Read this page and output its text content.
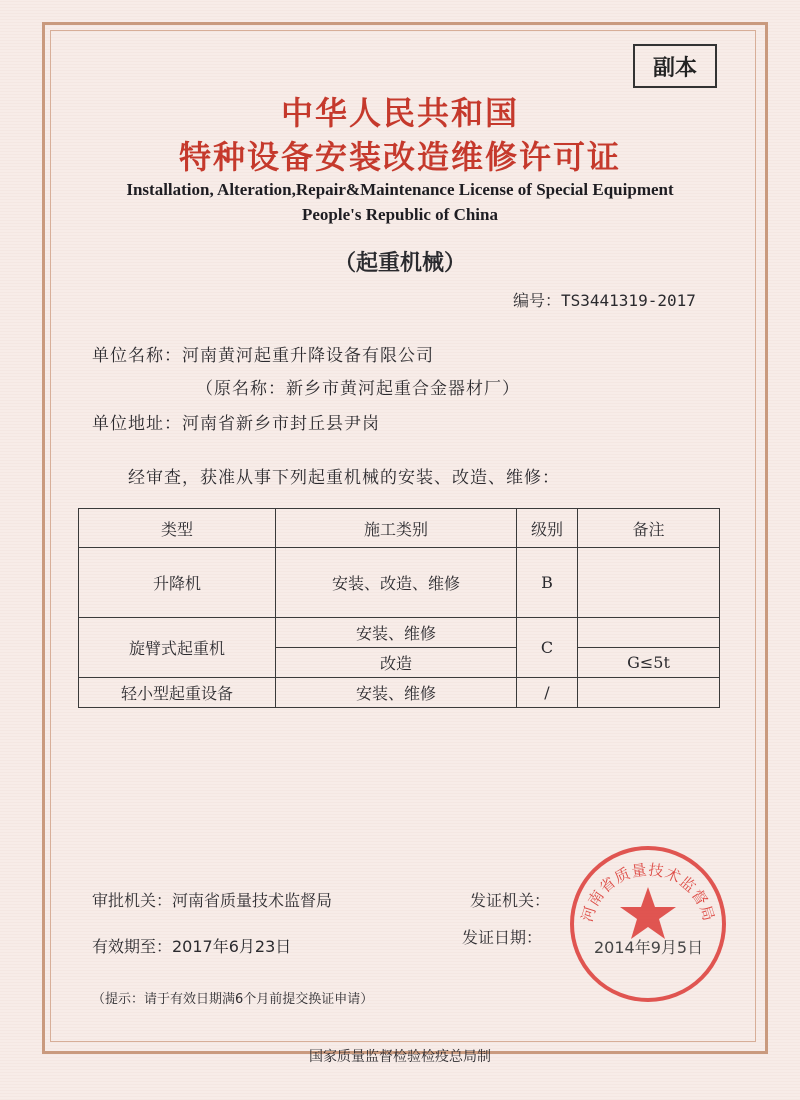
副本
中华人民共和国
特种设备安装改造维修许可证
Installation, Alteration,Repair&Maintenance License of Special Equipment
People's Republic of China
（起重机械）
编号：TS3441319-2017
单位名称：河南黄河起重升降设备有限公司
（原名称：新乡市黄河起重合金器材厂）
单位地址：河南省新乡市封丘县尹岗
经审查，获准从事下列起重机械的安装、改造、维修：
类型	施工类别	级别	备注
升降机	安装、改造、维修	B	
旋臂式起重机	安装、维修	C	
	改造		G≤5t
轻小型起重设备	安装、维修	/	
审批机关：河南省质量技术监督局	发证机关：
有效期至：2017年6月23日	发证日期：
河南省质量技术监督局
2014年9月5日
（提示：请于有效日期满6个月前提交换证申请）
国家质量监督检验检疫总局制
